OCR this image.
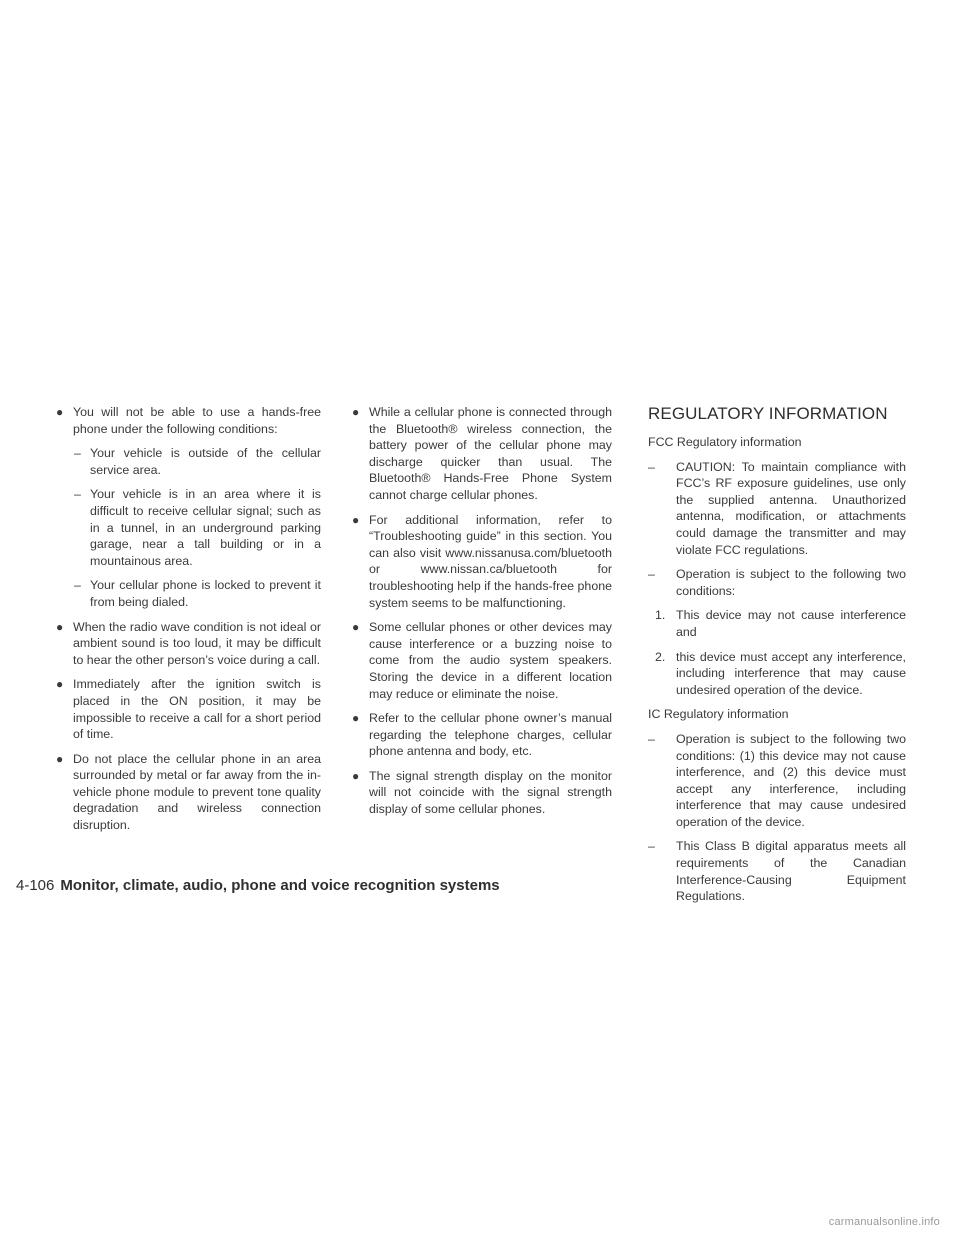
● You will not be able to use a hands-free phone under the following conditions:

– Your vehicle is outside of the cellular service area.

– Your vehicle is in an area where it is difficult to receive cellular signal; such as in a tunnel, in an underground parking garage, near a tall building or in a mountainous area.

– Your cellular phone is locked to prevent it from being dialed.

● When the radio wave condition is not ideal or ambient sound is too loud, it may be difficult to hear the other person’s voice during a call.

● Immediately after the ignition switch is placed in the ON position, it may be impossible to receive a call for a short period of time.

● Do not place the cellular phone in an area surrounded by metal or far away from the in-vehicle phone module to prevent tone quality degradation and wireless connection disruption.

● While a cellular phone is connected through the Bluetooth® wireless connection, the battery power of the cellular phone may discharge quicker than usual. The Bluetooth® Hands-Free Phone System cannot charge cellular phones.

● For additional information, refer to “Troubleshooting guide” in this section. You can also visit www.nissanusa.com/bluetooth or www.nissan.ca/bluetooth for troubleshooting help if the hands-free phone system seems to be malfunctioning.

● Some cellular phones or other devices may cause interference or a buzzing noise to come from the audio system speakers. Storing the device in a different location may reduce or eliminate the noise.

● Refer to the cellular phone owner’s manual regarding the telephone charges, cellular phone antenna and body, etc.

● The signal strength display on the monitor will not coincide with the signal strength display of some cellular phones.

REGULATORY INFORMATION

FCC Regulatory information

– CAUTION: To maintain compliance with FCC’s RF exposure guidelines, use only the supplied antenna. Unauthorized antenna, modification, or attachments could damage the transmitter and may violate FCC regulations.

– Operation is subject to the following two conditions:

1. This device may not cause interference and

2. this device must accept any interference, including interference that may cause undesired operation of the device.

IC Regulatory information

– Operation is subject to the following two conditions: (1) this device may not cause interference, and (2) this device must accept any interference, including interference that may cause undesired operation of the device.

– This Class B digital apparatus meets all requirements of the Canadian Interference-Causing Equipment Regulations.

4-106 Monitor, climate, audio, phone and voice recognition systems
carmanualsonline.info
